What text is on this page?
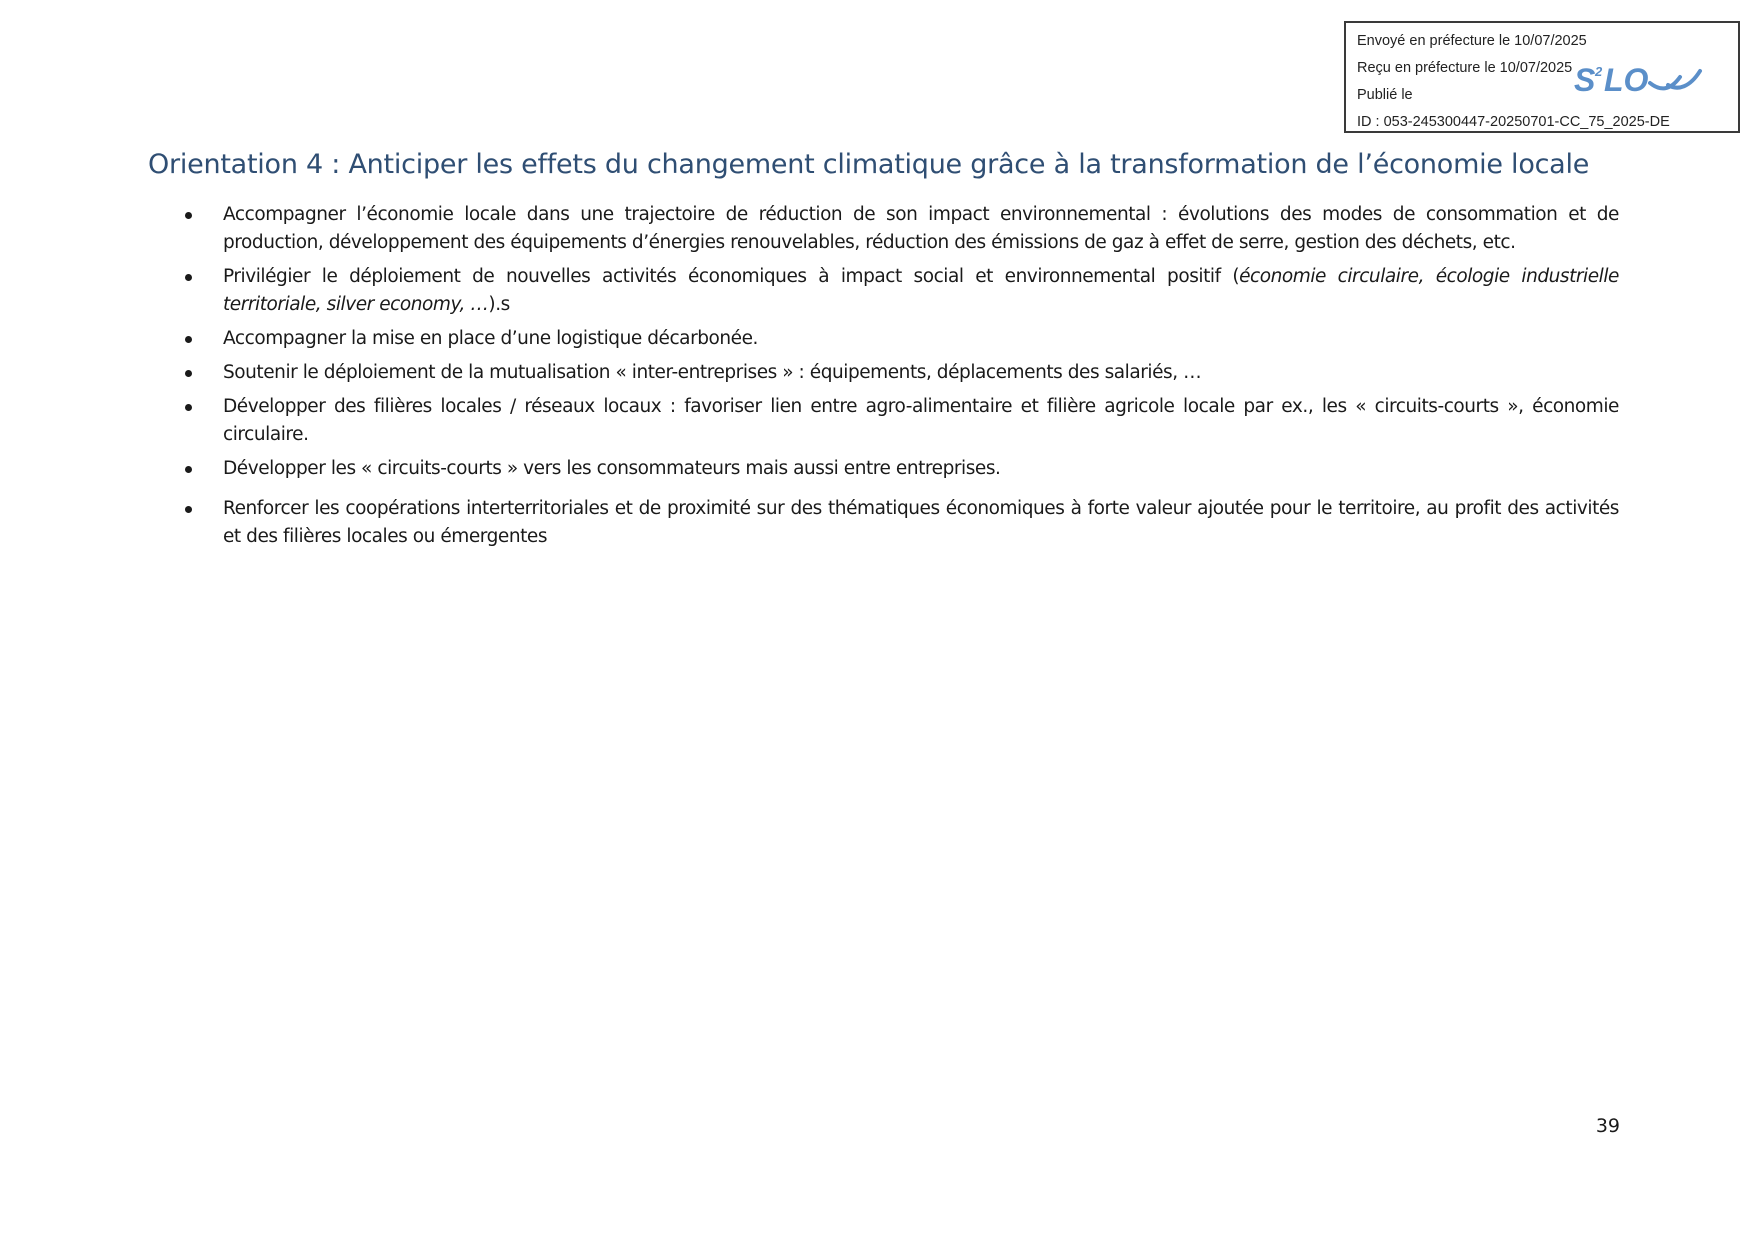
Envoyé en préfecture le 10/07/2025
Reçu en préfecture le 10/07/2025
Publié le
ID : 053-245300447-20250701-CC_75_2025-DE
S 2 LO
Orientation 4 : Anticiper les effets du changement climatique grâce à la transformation de l’économie locale
Accompagner l’économie locale dans une trajectoire de réduction de son impact environnemental : évolutions des modes de consommation et de production, développement des équipements d’énergies renouvelables, réduction des émissions de gaz à effet de serre, gestion des déchets, etc.
Privilégier le déploiement de nouvelles activités économiques à impact social et environnemental positif (économie circulaire, écologie industrielle territoriale, silver economy, …).s
Accompagner la mise en place d’une logistique décarbonée.
Soutenir le déploiement de la mutualisation « inter-entreprises » : équipements, déplacements des salariés, …
Développer des filières locales / réseaux locaux : favoriser lien entre agro-alimentaire et filière agricole locale par ex., les « circuits-courts », économie circulaire.
Développer les « circuits-courts » vers les consommateurs mais aussi entre entreprises.
Renforcer les coopérations interterritoriales et de proximité sur des thématiques économiques à forte valeur ajoutée pour le territoire, au profit des activités et des filières locales ou émergentes
39
